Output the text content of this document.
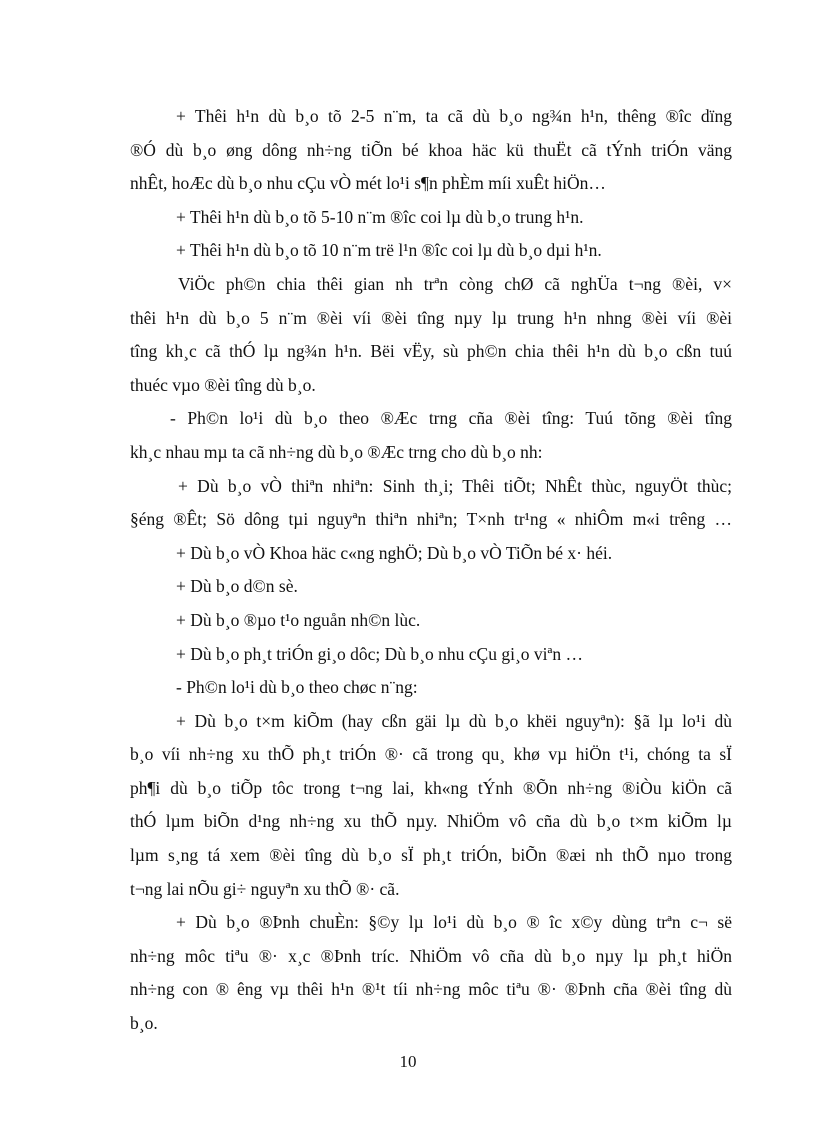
+ Thêi h¹n dù b¸o tõ 2-5 n¨m, ta cã dù b¸o ng¾n h¹n, thêng ®îc dïng
®Ó dù b¸o øng dông nh÷ng tiÕn bé khoa häc kü thuËt cã tÝnh triÓn väng
nhÊt, hoÆc dù b¸o nhu cÇu vÒ mét lo¹i s¶n phÈm míi xuÊt hiÖn…
+ Thêi h¹n dù b¸o tõ 5-10 n¨m ®îc coi lµ dù b¸o trung h¹n.
+ Thêi h¹n dù b¸o tõ 10 n¨m trë l¹n ®îc coi lµ dù b¸o dµi h¹n.
ViÖc ph©n chia thêi gian nh trªn còng chØ cã nghÜa t¬ng ®èi, v×
thêi h¹n dù b¸o 5 n¨m ®èi víi ®èi tîng nµy lµ trung h¹n nhng ®èi víi ®èi
tîng kh¸c cã thÓ lµ ng¾n h¹n. Bëi vËy, sù ph©n chia thêi h¹n dù b¸o cßn tuú
thuéc vµo ®èi tîng dù b¸o.
- Ph©n lo¹i dù b¸o theo ®Æc trng cña ®èi tîng: Tuú tõng ®èi tîng
kh¸c nhau mµ ta cã nh÷ng dù b¸o ®Æc trng cho dù b¸o nh:
+ Dù b¸o vÒ thiªn nhiªn: Sinh th¸i; Thêi tiÕt; NhÊt thùc, nguyÖt thùc;
§éng ®Êt; Sö dông tµi nguyªn thiªn nhiªn; T×nh tr¹ng « nhiÔm m«i trêng …
+ Dù b¸o vÒ Khoa häc c«ng nghÖ; Dù b¸o vÒ TiÕn bé x· héi.
+ Dù b¸o d©n sè.
+ Dù b¸o ®µo t¹o nguån nh©n lùc.
+ Dù b¸o ph¸t triÓn gi¸o dôc; Dù b¸o nhu cÇu gi¸o viªn …
- Ph©n lo¹i dù b¸o theo chøc n¨ng:
+ Dù b¸o t×m kiÕm (hay cßn gäi lµ dù b¸o khëi nguyªn): §ã lµ lo¹i dù
b¸o víi nh÷ng xu thÕ ph¸t triÓn ®· cã trong qu¸ khø vµ hiÖn t¹i, chóng ta sÏ
ph¶i dù b¸o tiÕp tôc trong t¬ng lai, kh«ng tÝnh ®Õn nh÷ng ®iÒu kiÖn cã
thÓ lµm biÕn d¹ng nh÷ng xu thÕ nµy. NhiÖm vô cña dù b¸o t×m kiÕm lµ
lµm s¸ng tá xem ®èi tîng dù b¸o sÏ ph¸t triÓn, biÕn ®æi nh thÕ nµo trong
t¬ng lai nÕu gi÷ nguyªn xu thÕ ®· cã.
+ Dù b¸o ®Þnh chuÈn: §©y lµ lo¹i dù b¸o ® îc x©y dùng trªn c¬ së
nh÷ng môc tiªu ®· x¸c ®Þnh tríc. NhiÖm vô cña dù b¸o nµy lµ ph¸t hiÖn
nh÷ng con ® êng vµ thêi h¹n ®¹t tíi nh÷ng môc tiªu ®· ®Þnh cña ®èi tîng dù
b¸o.
10
